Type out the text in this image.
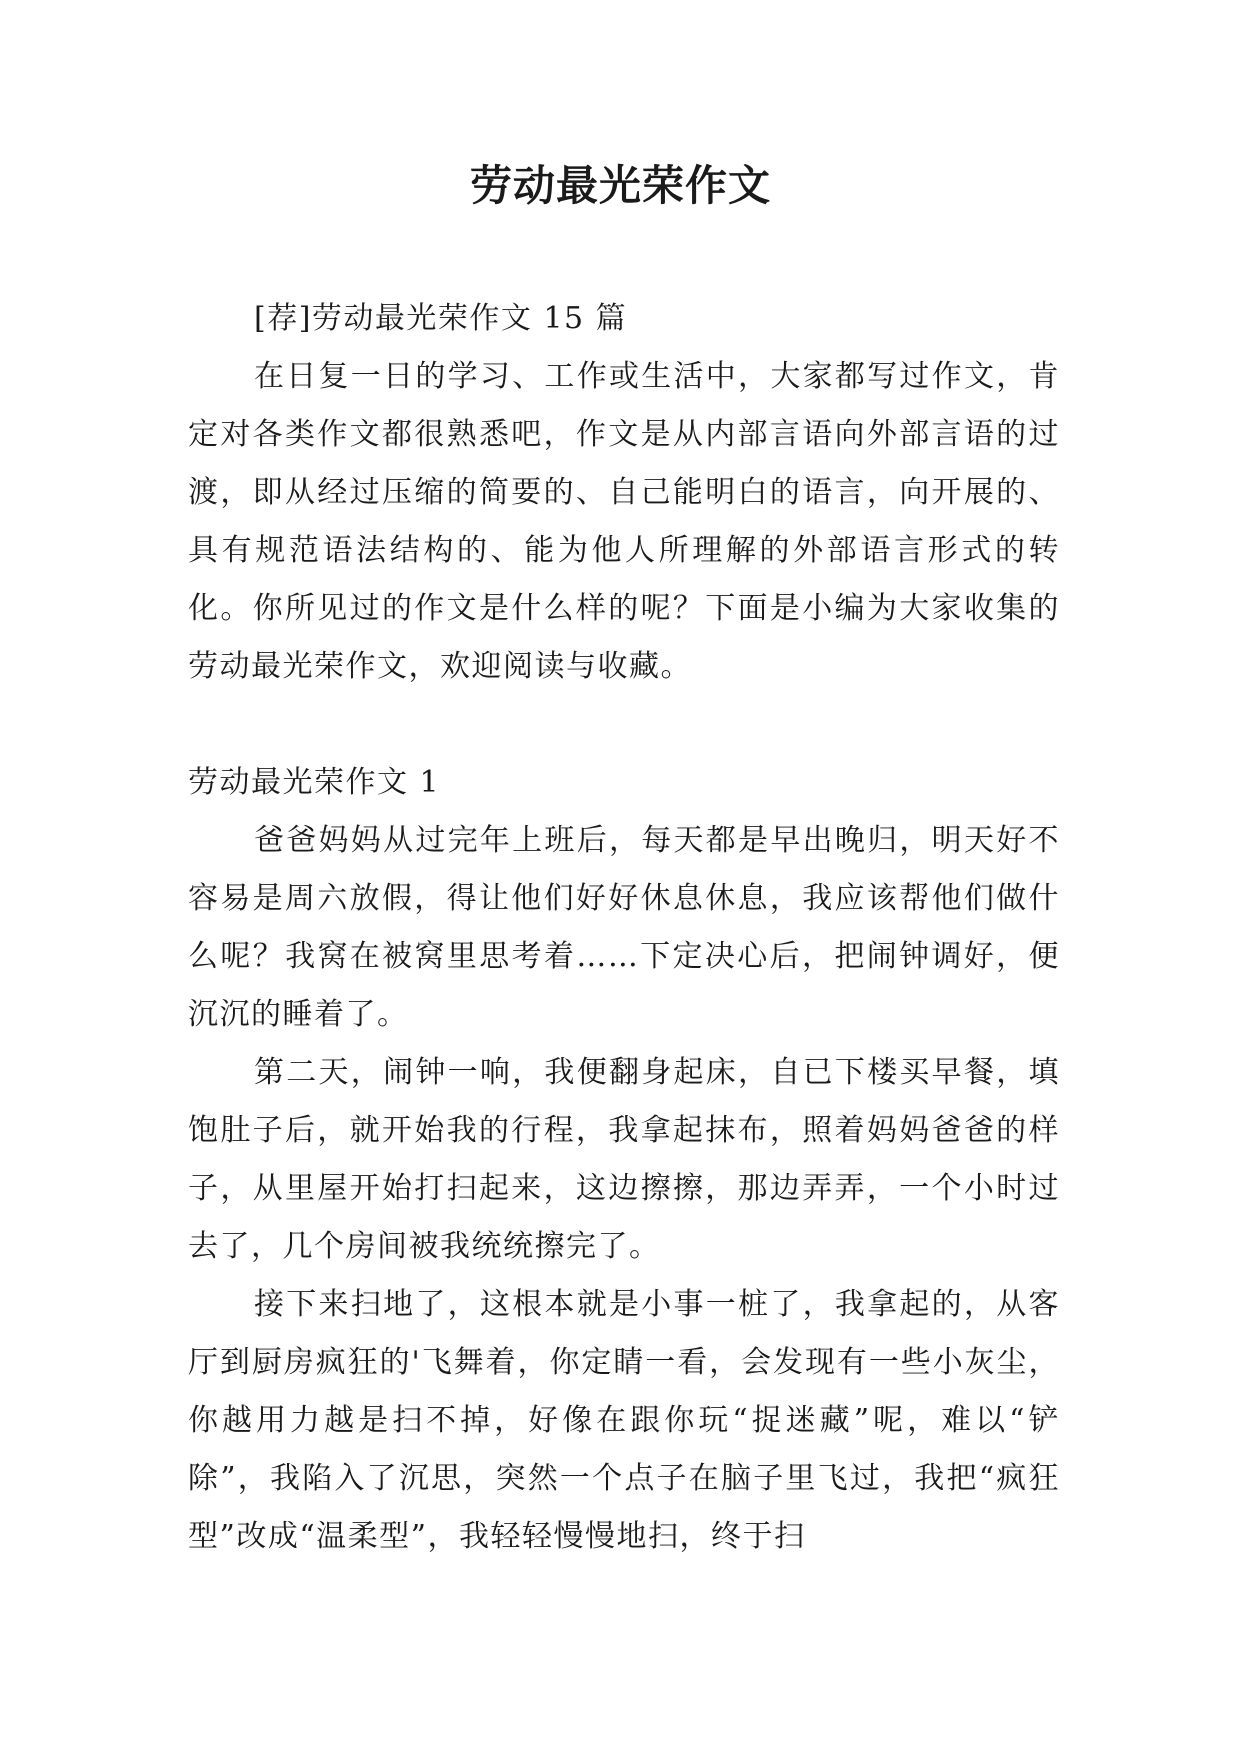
劳动最光荣作文

[荐]劳动最光荣作文 15 篇

在日复一日的学习、工作或生活中，大家都写过作文，肯定对各类作文都很熟悉吧，作文是从内部言语向外部言语的过渡，即从经过压缩的简要的、自己能明白的语言，向开展的、具有规范语法结构的、能为他人所理解的外部语言形式的转化。你所见过的作文是什么样的呢？下面是小编为大家收集的劳动最光荣作文，欢迎阅读与收藏。

劳动最光荣作文 1

爸爸妈妈从过完年上班后，每天都是早出晚归，明天好不容易是周六放假，得让他们好好休息休息，我应该帮他们做什么呢？我窝在被窝里思考着……下定决心后，把闹钟调好，便沉沉的睡着了。

第二天，闹钟一响，我便翻身起床，自已下楼买早餐，填饱肚子后，就开始我的行程，我拿起抹布，照着妈妈爸爸的样子，从里屋开始打扫起来，这边擦擦，那边弄弄，一个小时过去了，几个房间被我统统擦完了。

接下来扫地了，这根本就是小事一桩了，我拿起的，从客厅到厨房疯狂的'飞舞着，你定睛一看，会发现有一些小灰尘，你越用力越是扫不掉，好像在跟你玩“捉迷藏”呢，难以“铲除”，我陷入了沉思，突然一个点子在脑子里飞过，我把“疯狂型”改成“温柔型”，我轻轻慢慢地扫，终于扫
